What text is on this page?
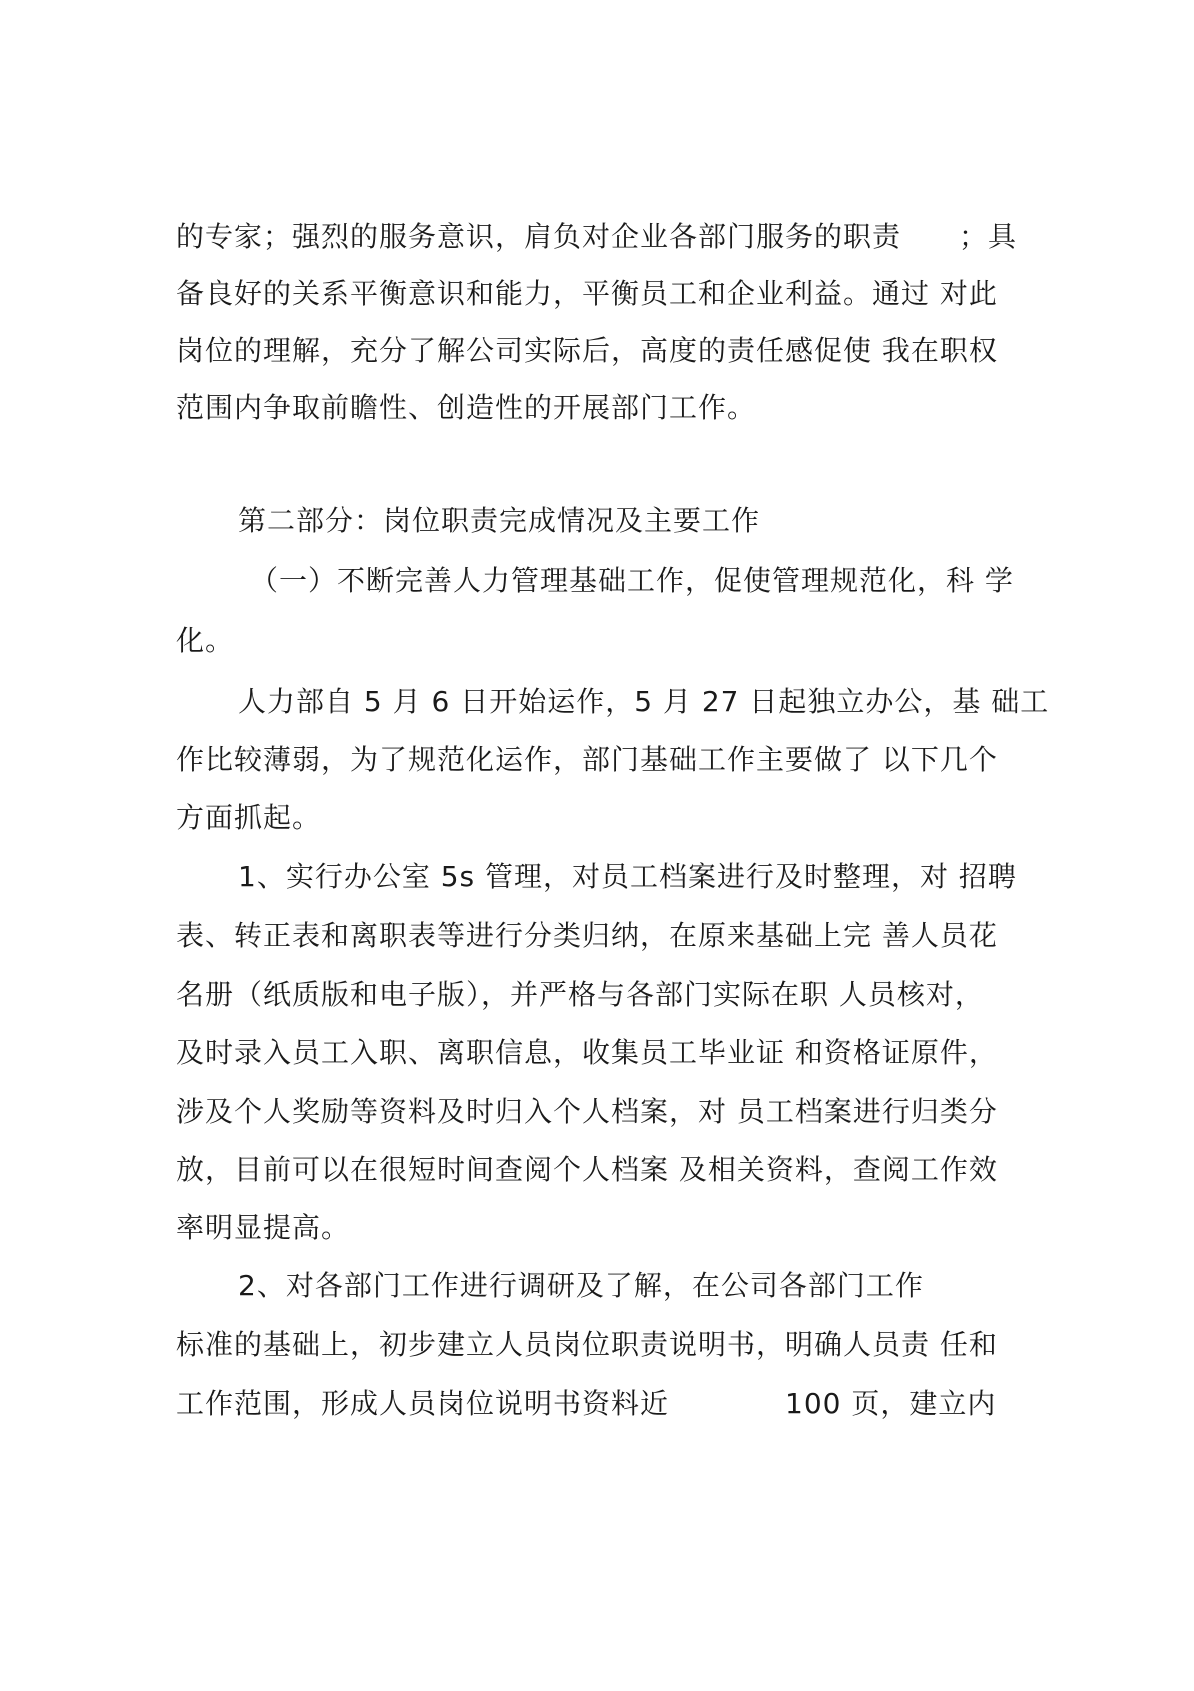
的专家；强烈的服务意识，肩负对企业各部门服务的职责　　；具
备良好的关系平衡意识和能力，平衡员工和企业利益。通过 对此
岗位的理解，充分了解公司实际后，高度的责任感促使 我在职权
范围内争取前瞻性、创造性的开展部门工作。
第二部分：岗位职责完成情况及主要工作
（一）不断完善人力管理基础工作，促使管理规范化，科 学
化。
人力部自 5 月 6 日开始运作，5 月 27 日起独立办公，基 础工
作比较薄弱，为了规范化运作，部门基础工作主要做了 以下几个
方面抓起。
1、实行办公室 5s 管理，对员工档案进行及时整理，对 招聘
表、转正表和离职表等进行分类归纳，在原来基础上完 善人员花
名册（纸质版和电子版），并严格与各部门实际在职 人员核对，
及时录入员工入职、离职信息，收集员工毕业证 和资格证原件，
涉及个人奖励等资料及时归入个人档案，对 员工档案进行归类分
放，目前可以在很短时间查阅个人档案 及相关资料，查阅工作效
率明显提高。
2、对各部门工作进行调研及了解，在公司各部门工作
标准的基础上，初步建立人员岗位职责说明书，明确人员责 任和
工作范围，形成人员岗位说明书资料近　　　　100 页，建立内
